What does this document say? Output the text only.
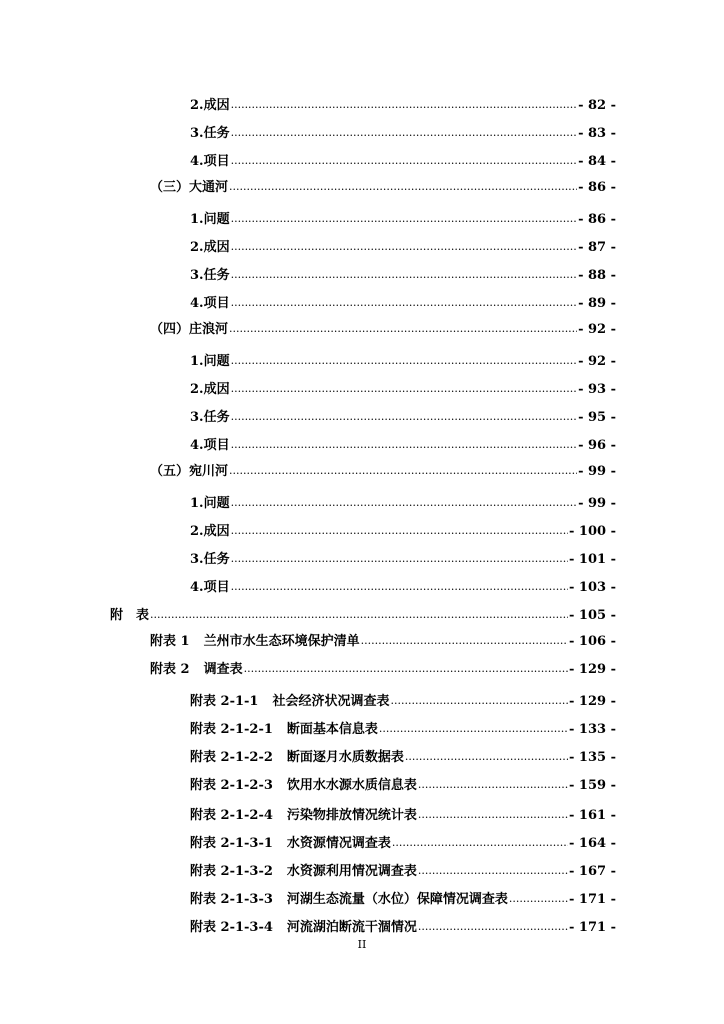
2.成因 .....	- 82 -
3.任务 .....	- 83 -
4.项目 .....	- 84 -
（三）大通河 .....	- 86 -
1.问题 .....	- 86 -
2.成因 .....	- 87 -
3.任务 .....	- 88 -
4.项目 .....	- 89 -
（四）庄浪河 .....	- 92 -
1.问题 .....	- 92 -
2.成因 .....	- 93 -
3.任务 .....	- 95 -
4.项目 .....	- 96 -
（五）宛川河 .....	- 99 -
1.问题 .....	- 99 -
2.成因 .....	- 100 -
3.任务 .....	- 101 -
4.项目 .....	- 103 -
附　表 .....	- 105 -
附表 1 兰州市水生态环境保护清单 .....	- 106 -
附表 2 调查表 .....	- 129 -
附表 2-1-1 社会经济状况调查表 .....	- 129 -
附表 2-1-2-1 断面基本信息表 .....	- 133 -
附表 2-1-2-2 断面逐月水质数据表 .....	- 135 -
附表 2-1-2-3 饮用水水源水质信息表 .....	- 159 -
附表 2-1-2-4 污染物排放情况统计表 .....	- 161 -
附表 2-1-3-1 水资源情况调查表 .....	- 164 -
附表 2-1-3-2 水资源利用情况调查表 .....	- 167 -
附表 2-1-3-3 河湖生态流量（水位）保障情况调查表 .....	- 171 -
附表 2-1-3-4 河流湖泊断流干涸情况 .....	- 171 -
II
